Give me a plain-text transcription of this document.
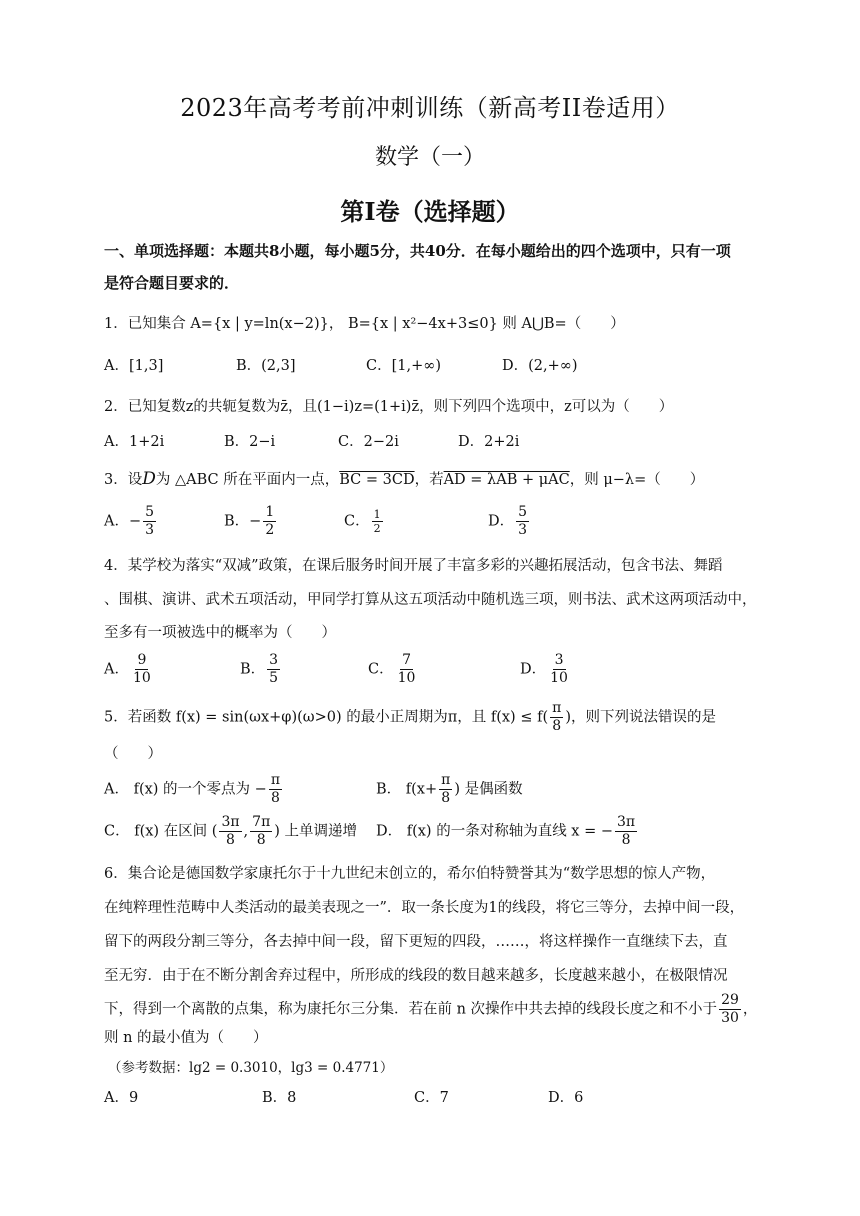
2023年高考考前冲刺训练（新高考II卷适用）
数学（一）
第Ⅰ卷（选择题）
一、单项选择题：本题共8小题，每小题5分，共40分．在每小题给出的四个选项中，只有一项
是符合题目要求的．
1．已知集合 A={x | y=ln(x−2)}， B={x | x²−4x+3≤0} 则 A⋃B=（　　）
A．[1,3]	B．(2,3]	C．[1,+∞)	D．(2,+∞)
2．已知复数z的共轭复数为z̄，且(1−i)z=(1+i)z̄，则下列四个选项中，z可以为（　　）
A．1+2i	B．2−i	C．2−2i	D．2+2i
3．设D为 △ABC 所在平面内一点，BC = 3CD，若AD = λAB + μAC，则 μ−λ=（　　）
A．− $\frac{5}{3}$	B．− $\frac{1}{2}$	C． $\frac{1}{2}$	D． $\frac{5}{3}$
4．某学校为落实“双减”政策，在课后服务时间开展了丰富多彩的兴趣拓展活动，包含书法、舞蹈
、围棋、演讲、武术五项活动，甲同学打算从这五项活动中随机选三项，则书法、武术这两项活动中，
至多有一项被选中的概率为（　　）
A． $\frac{9}{10}$	B． $\frac{3}{5}$	C． $\frac{7}{10}$	D． $\frac{3}{10}$
5．若函数 f(x) = sin(ωx+φ)(ω>0) 的最小正周期为π，且 $f(x) \le f( \frac{\pi}{8}$ )，则下列说法错误的是
（　　）
A． f(x) 的一个零点为 − $\frac{\pi}{8}$	B． $f(x+ \frac{\pi}{8}$ ) 是偶函数
C． f(x) 在区间 ( $\frac{3\pi}{8}$ , $\frac{7\pi}{8}$ ) 上单调递增 D． f(x) 的一条对称轴为直线 x = − $\frac{3\pi}{8}$
6．集合论是德国数学家康托尔于十九世纪末创立的，希尔伯特赞誉其为“数学思想的惊人产物，
在纯粹理性范畴中人类活动的最美表现之一”．取一条长度为1的线段，将它三等分，去掉中间一段，
留下的两段分割三等分，各去掉中间一段，留下更短的四段，……，将这样操作一直继续下去，直
至无穷．由于在不断分割舍弃过程中，所形成的线段的数目越来越多，长度越来越小，在极限情况
下，得到一个离散的点集，称为康托尔三分集．若在前 n 次操作中共去掉的线段长度之和不小于 $\frac{29}{30}$ ，
则 n 的最小值为（　　）
（参考数据：lg2 = 0.3010，lg3 = 0.4771）
A．9	B．8	C．7	D．6
